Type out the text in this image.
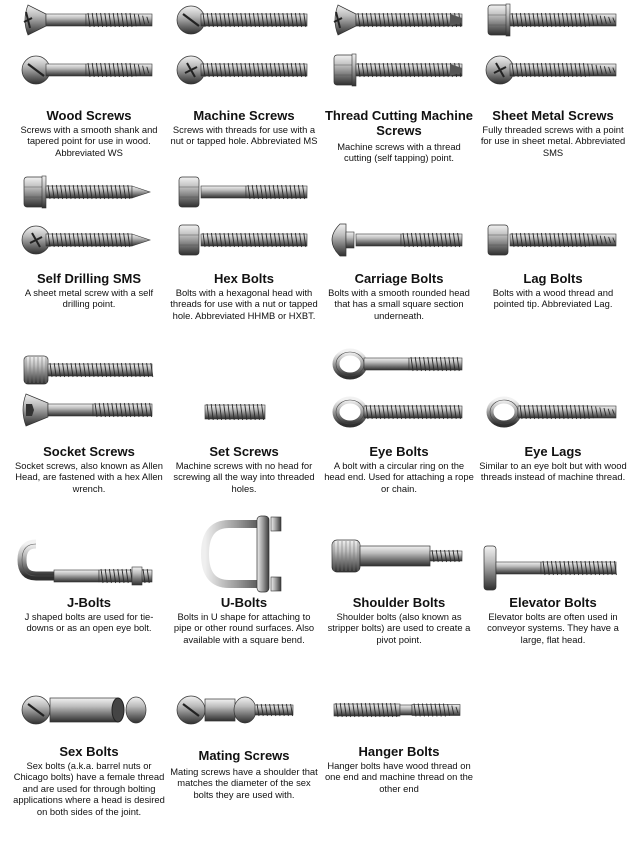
Wood Screws
Screws with a smooth shank and tapered point for use in wood. Abbreviated WS
Machine Screws
Screws with threads for use with a nut or tapped hole. Abbreviated MS
Thread Cutting Machine Screws
Machine screws with a thread cutting (self tapping) point.
Sheet Metal Screws
Fully threaded screws with a point for use in sheet metal. Abbreviated SMS
Self Drilling SMS
A sheet metal screw with a self drilling point.
Hex Bolts
Bolts with a hexagonal head with threads for use with a nut or tapped hole. Abbreviated HHMB or HXBT.
Carriage Bolts
Bolts with a smooth rounded head that has a small square section underneath.
Lag Bolts
Bolts with a wood thread and pointed tip. Abbreviated Lag.
Socket Screws
Socket screws, also known as Allen Head, are fastened with a hex Allen wrench.
Set Screws
Machine screws with no head for screwing all the way into threaded holes.
Eye Bolts
A bolt with a circular ring on the head end. Used for attaching a rope or chain.
Eye Lags
Similar to an eye bolt but with wood threads instead of machine thread.
J-Bolts
J shaped bolts are used for tie-downs or as an open eye bolt.
U-Bolts
Bolts in U shape for attaching to pipe or other round surfaces. Also available with a square bend.
Shoulder Bolts
Shoulder bolts (also known as stripper bolts) are used to create a pivot point.
Elevator Bolts
Elevator bolts are often used in conveyor systems. They have a large, flat head.
Sex Bolts
Sex bolts (a.k.a. barrel nuts or Chicago bolts) have a female thread and are used for through bolting applications where a head is desired on both sides of the joint.
Mating Screws
Mating screws have a shoulder that matches the diameter of the sex bolts they are used with.
Hanger Bolts
Hanger bolts have wood thread on one end and machine thread on the other end
